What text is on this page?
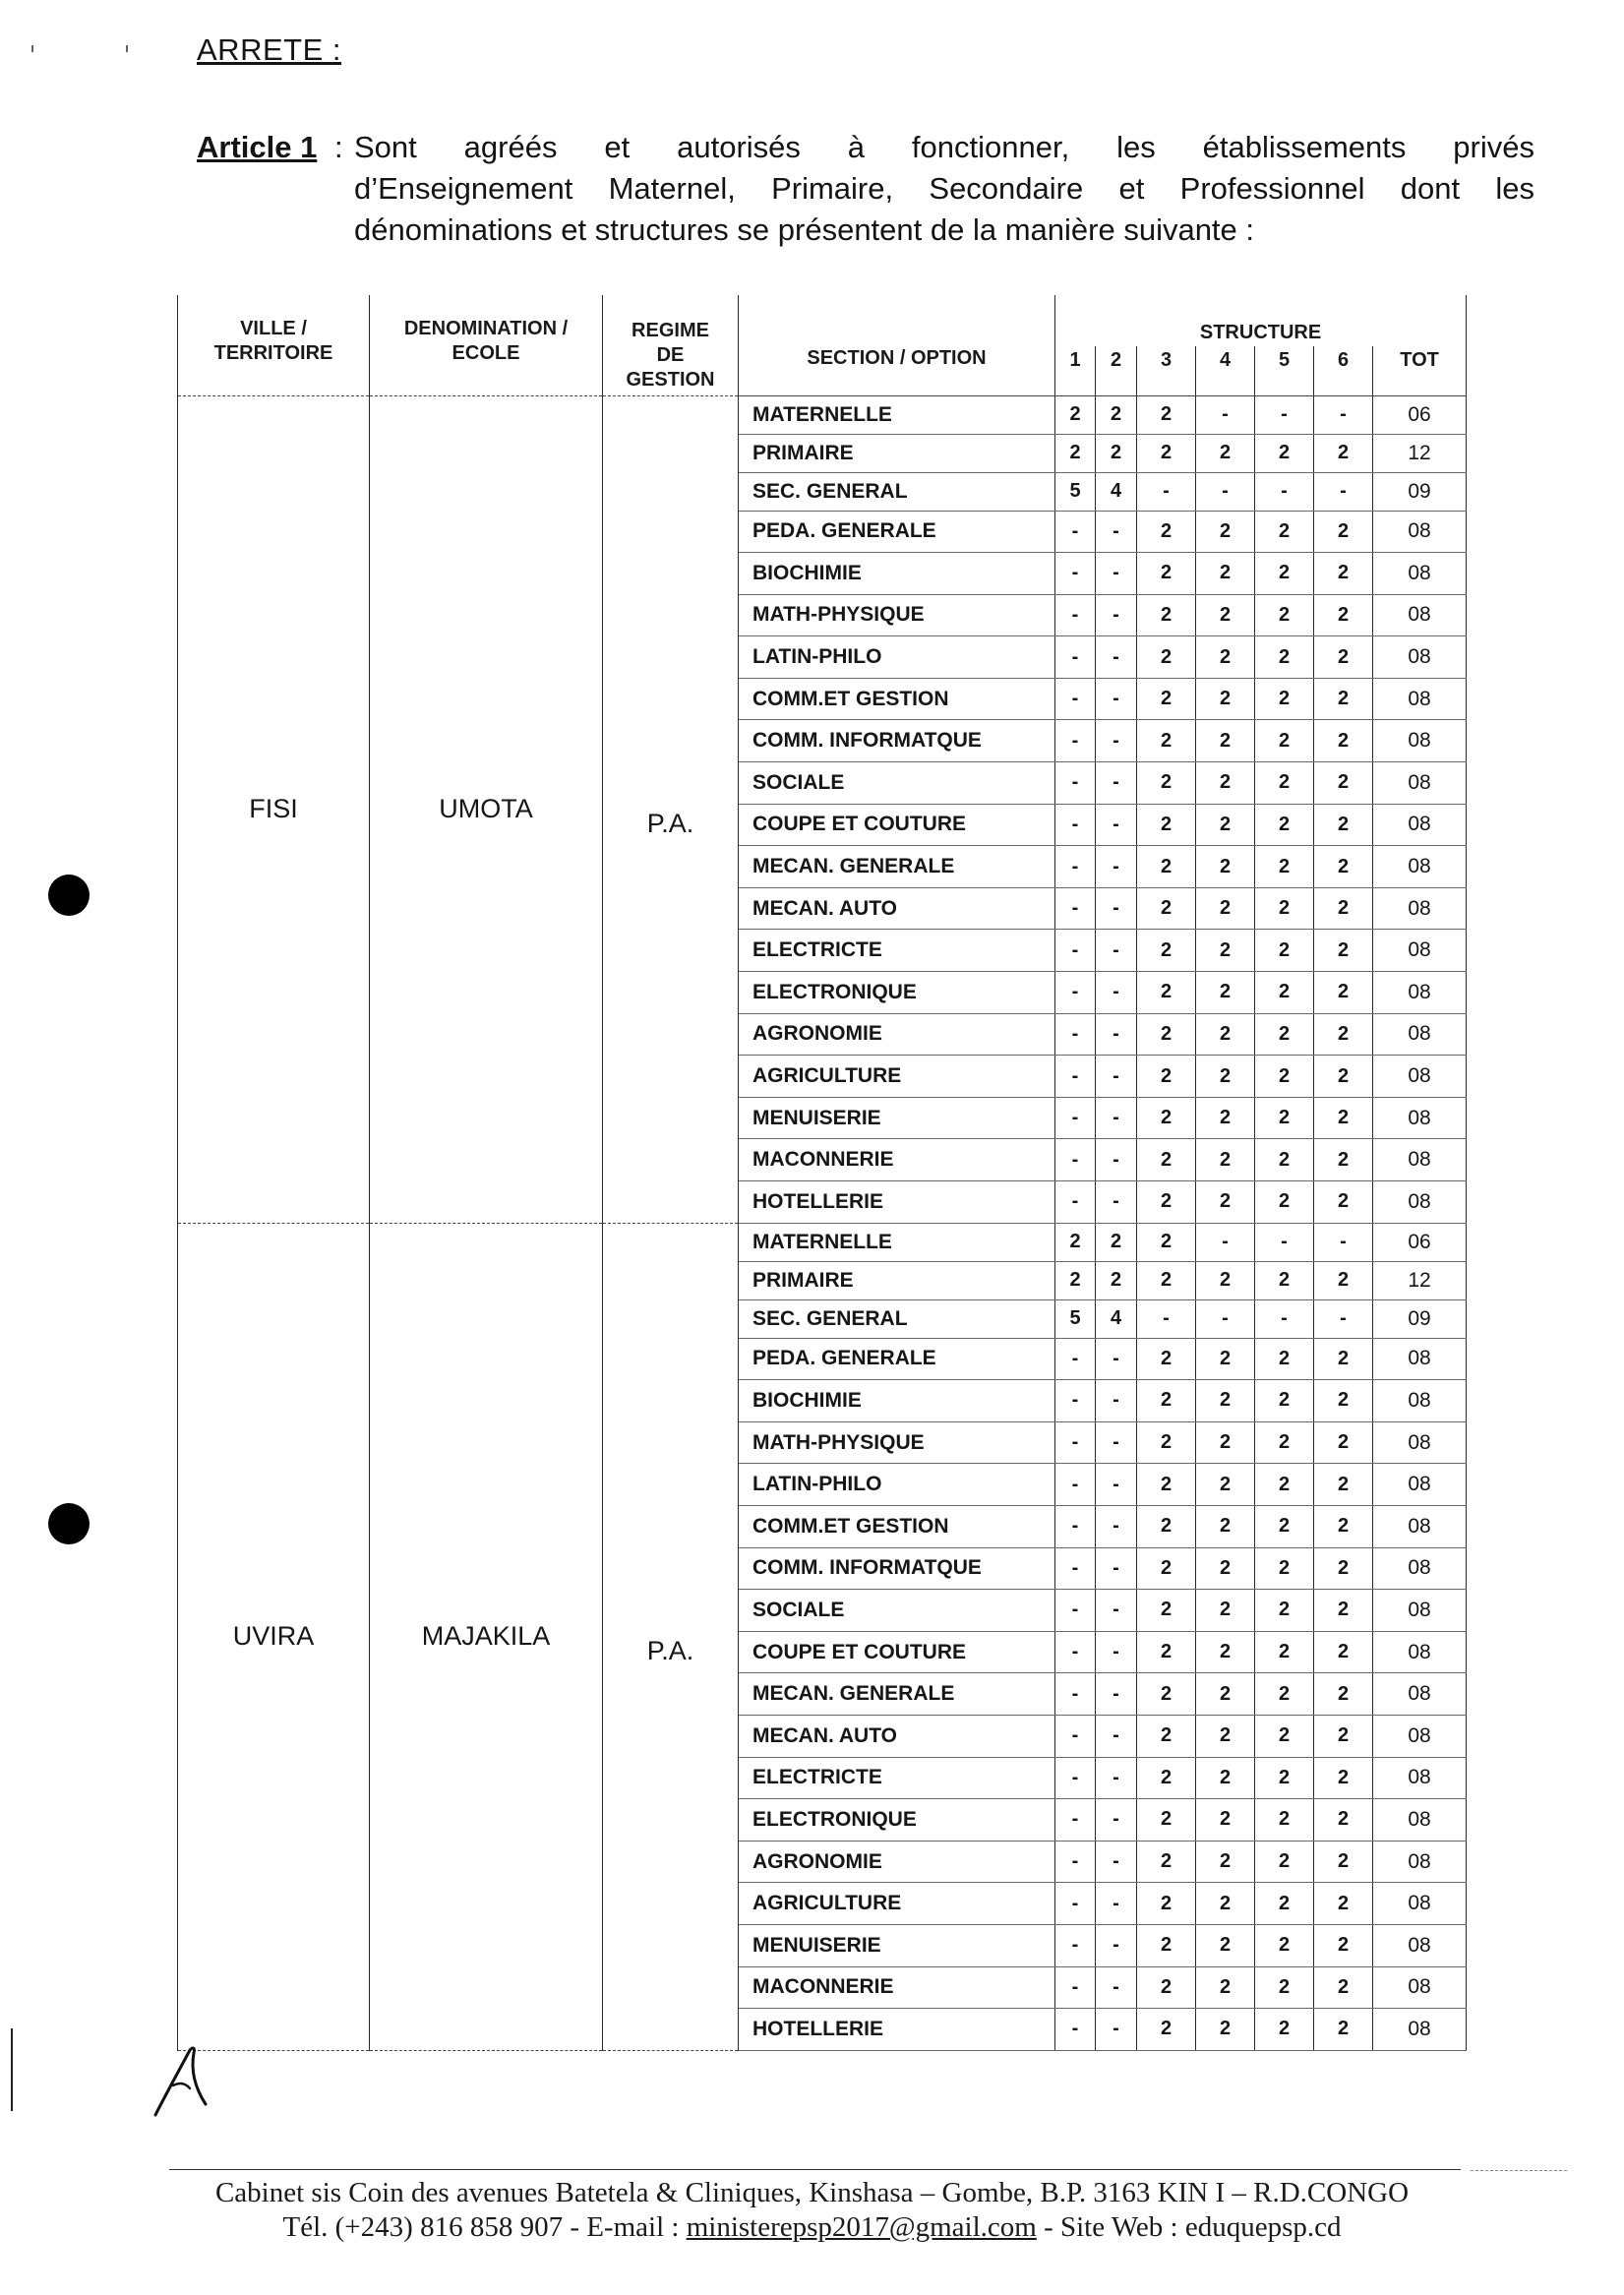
ARRETE :
Article 1 : Sont agréés et autorisés à fonctionner, les établissements privés
d’Enseignement Maternel, Primaire, Secondaire et Professionnel dont les
dénominations et structures se présentent de la manière suivante :
VILLE /
TERRITOIRE	DENOMINATION /
ECOLE	REGIME
DE
GESTION	SECTION / OPTION	STRUCTURE						
				1	2	3	4	5	6	TOT
FISI	UMOTA	P.A.	MATERNELLE	2	2	2	-	-	-	06
			PRIMAIRE	2	2	2	2	2	2	12
			SEC. GENERAL	5	4	-	-	-	-	09
			PEDA. GENERALE	-	-	2	2	2	2	08
			BIOCHIMIE	-	-	2	2	2	2	08
			MATH-PHYSIQUE	-	-	2	2	2	2	08
			LATIN-PHILO	-	-	2	2	2	2	08
			COMM.ET GESTION	-	-	2	2	2	2	08
			COMM. INFORMATQUE	-	-	2	2	2	2	08
			SOCIALE	-	-	2	2	2	2	08
			COUPE ET COUTURE	-	-	2	2	2	2	08
			MECAN. GENERALE	-	-	2	2	2	2	08
			MECAN. AUTO	-	-	2	2	2	2	08
			ELECTRICTE	-	-	2	2	2	2	08
			ELECTRONIQUE	-	-	2	2	2	2	08
			AGRONOMIE	-	-	2	2	2	2	08
			AGRICULTURE	-	-	2	2	2	2	08
			MENUISERIE	-	-	2	2	2	2	08
			MACONNERIE	-	-	2	2	2	2	08
			HOTELLERIE	-	-	2	2	2	2	08
UVIRA	MAJAKILA	P.A.	MATERNELLE	2	2	2	-	-	-	06
			PRIMAIRE	2	2	2	2	2	2	12
			SEC. GENERAL	5	4	-	-	-	-	09
			PEDA. GENERALE	-	-	2	2	2	2	08
			BIOCHIMIE	-	-	2	2	2	2	08
			MATH-PHYSIQUE	-	-	2	2	2	2	08
			LATIN-PHILO	-	-	2	2	2	2	08
			COMM.ET GESTION	-	-	2	2	2	2	08
			COMM. INFORMATQUE	-	-	2	2	2	2	08
			SOCIALE	-	-	2	2	2	2	08
			COUPE ET COUTURE	-	-	2	2	2	2	08
			MECAN. GENERALE	-	-	2	2	2	2	08
			MECAN. AUTO	-	-	2	2	2	2	08
			ELECTRICTE	-	-	2	2	2	2	08
			ELECTRONIQUE	-	-	2	2	2	2	08
			AGRONOMIE	-	-	2	2	2	2	08
			AGRICULTURE	-	-	2	2	2	2	08
			MENUISERIE	-	-	2	2	2	2	08
			MACONNERIE	-	-	2	2	2	2	08
			HOTELLERIE	-	-	2	2	2	2	08
Cabinet sis Coin des avenues Batetela & Cliniques, Kinshasa – Gombe, B.P. 3163 KIN I – R.D.CONGO
Tél. (+243) 816 858 907 - E-mail : ministerepsp2017@gmail.com - Site Web : eduquepsp.cd
